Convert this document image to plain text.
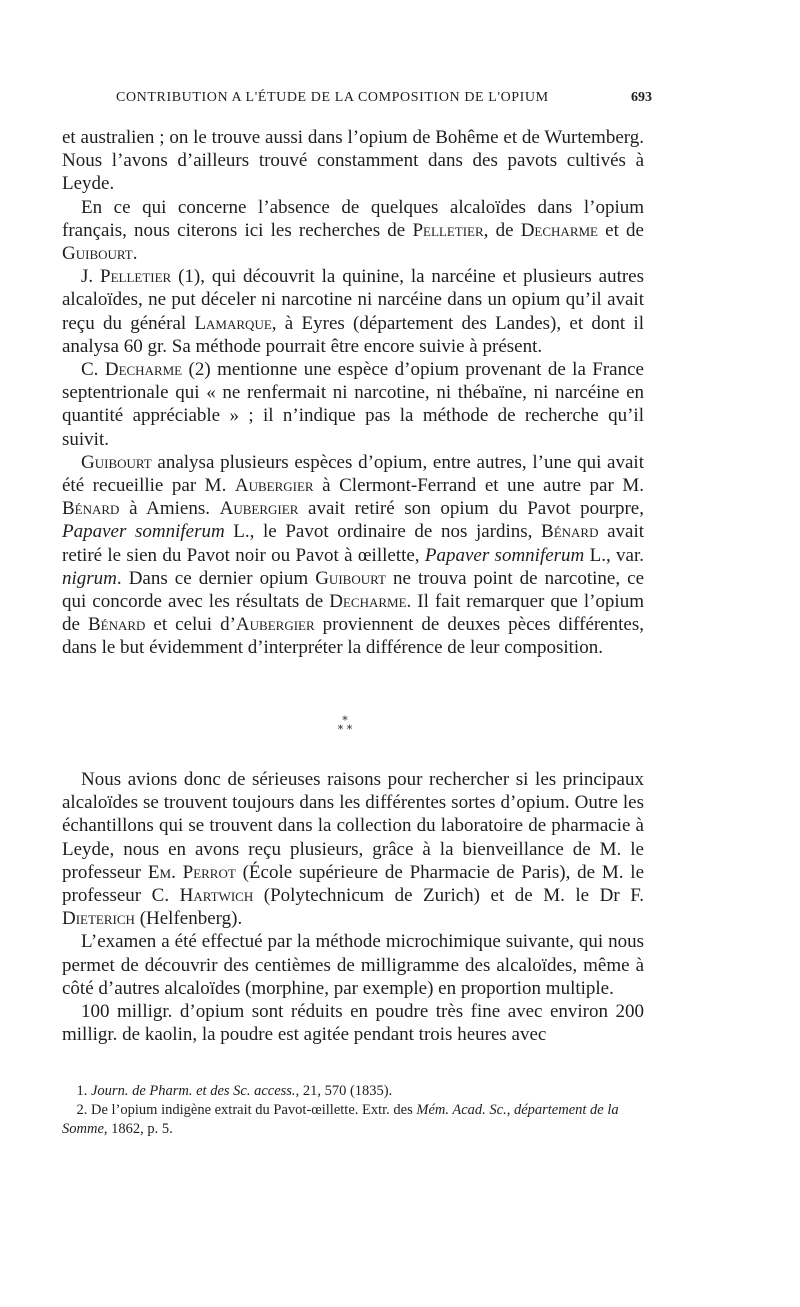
CONTRIBUTION A L'ÉTUDE DE LA COMPOSITION DE L'OPIUM	693

et australien ; on le trouve aussi dans l’opium de Bohême et de Wurtemberg. Nous l’avons d’ailleurs trouvé constamment dans des pavots cultivés à Leyde.

 En ce qui concerne l’absence de quelques alcaloïdes dans l’opium français, nous citerons ici les recherches de Pelletier, de Decharme et de Guibourt.

 J. Pelletier (1), qui découvrit la quinine, la narcéine et plusieurs autres alcaloïdes, ne put déceler ni narcotine ni narcéine dans un opium qu’il avait reçu du général Lamarque, à Eyres (département des Landes), et dont il analysa 60 gr. Sa méthode pourrait être encore suivie à présent.

 C. Decharme (2) mentionne une espèce d’opium provenant de la France septentrionale qui « ne renfermait ni narcotine, ni thébaïne, ni narcéine en quantité appréciable » ; il n’indique pas la méthode de recherche qu’il suivit.

 Guibourt analysa plusieurs espèces d’opium, entre autres, l’une qui avait été recueillie par M. Aubergier à Clermont-Ferrand et une autre par M. Bénard à Amiens. Aubergier avait retiré son opium du Pavot pourpre, Papaver somniferum L., le Pavot ordinaire de nos jardins, Bénard avait retiré le sien du Pavot noir ou Pavot à œillette, Papaver somniferum L., var. nigrum. Dans ce dernier opium Guibourt ne trouva point de narcotine, ce qui concorde avec les résultats de Decharme. Il fait remarquer que l’opium de Bénard et celui d’Aubergier proviennent de deuxes pèces différentes, dans le but évidemment d’interpréter la différence de leur composition.

*
* *

 Nous avions donc de sérieuses raisons pour rechercher si les principaux alcaloïdes se trouvent toujours dans les différentes sortes d’opium. Outre les échantillons qui se trouvent dans la collection du laboratoire de pharmacie à Leyde, nous en avons reçu plusieurs, grâce à la bienveillance de M. le professeur Em. Perrot (École supérieure de Pharmacie de Paris), de M. le professeur C. Hartwich (Polytechnicum de Zurich) et de M. le Dr F. Dieterich (Helfenberg).

 L’examen a été effectué par la méthode microchimique suivante, qui nous permet de découvrir des centièmes de milligramme des alcaloïdes, même à côté d’autres alcaloïdes (morphine, par exemple) en proportion multiple.

 100 milligr. d’opium sont réduits en poudre très fine avec environ 200 milligr. de kaolin, la poudre est agitée pendant trois heures avec

 1. Journ. de Pharm. et des Sc. access., 21, 570 (1835).

 2. De l’opium indigène extrait du Pavot-œillette. Extr. des Mém. Acad. Sc., département de la Somme, 1862, p. 5.
